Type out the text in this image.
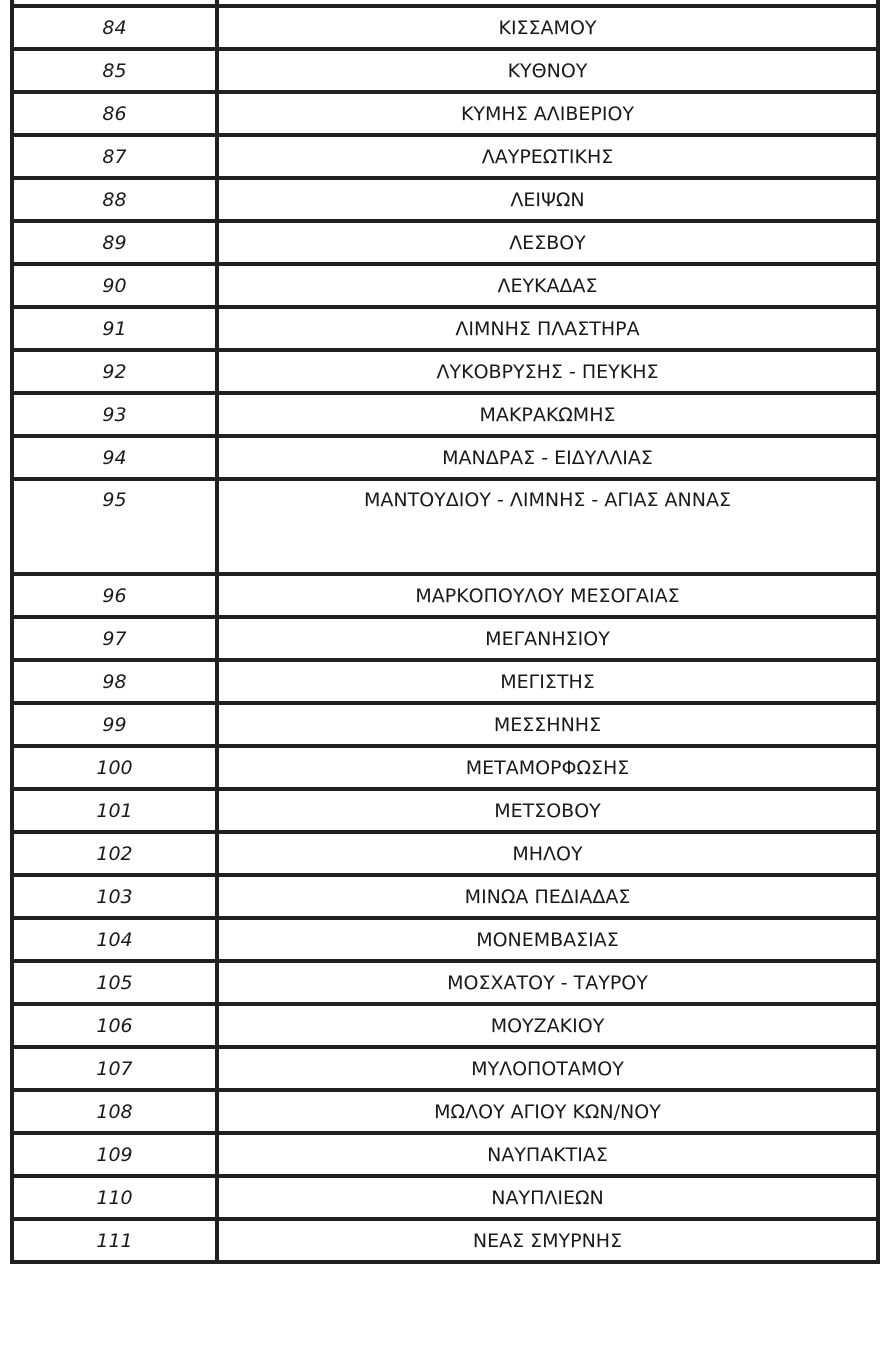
84	ΚΙΣΣΑΜΟΥ
85	ΚΥΘΝΟΥ
86	ΚΥΜΗΣ ΑΛΙΒΕΡΙΟΥ
87	ΛΑΥΡΕΩΤΙΚΗΣ
88	ΛΕΙΨΩΝ
89	ΛΕΣΒΟΥ
90	ΛΕΥΚΑΔΑΣ
91	ΛΙΜΝΗΣ ΠΛΑΣΤΗΡΑ
92	ΛΥΚΟΒΡΥΣΗΣ - ΠΕΥΚΗΣ
93	ΜΑΚΡΑΚΩΜΗΣ
94	ΜΑΝΔΡΑΣ - ΕΙΔΥΛΛΙΑΣ
95	ΜΑΝΤΟΥΔΙΟΥ - ΛΙΜΝΗΣ - ΑΓΙΑΣ ΑΝΝΑΣ
96	ΜΑΡΚΟΠΟΥΛΟΥ ΜΕΣΟΓΑΙΑΣ
97	ΜΕΓΑΝΗΣΙΟΥ
98	ΜΕΓΙΣΤΗΣ
99	ΜΕΣΣΗΝΗΣ
100	ΜΕΤΑΜΟΡΦΩΣΗΣ
101	ΜΕΤΣΟΒΟΥ
102	ΜΗΛΟΥ
103	ΜΙΝΩΑ ΠΕΔΙΑΔΑΣ
104	ΜΟΝΕΜΒΑΣΙΑΣ
105	ΜΟΣΧΑΤΟΥ - ΤΑΥΡΟΥ
106	ΜΟΥΖΑΚΙΟΥ
107	ΜΥΛΟΠΟΤΑΜΟΥ
108	ΜΩΛΟΥ ΑΓΙΟΥ ΚΩΝ/ΝΟΥ
109	ΝΑΥΠΑΚΤΙΑΣ
110	ΝΑΥΠΛΙΕΩΝ
111	ΝΕΑΣ ΣΜΥΡΝΗΣ
